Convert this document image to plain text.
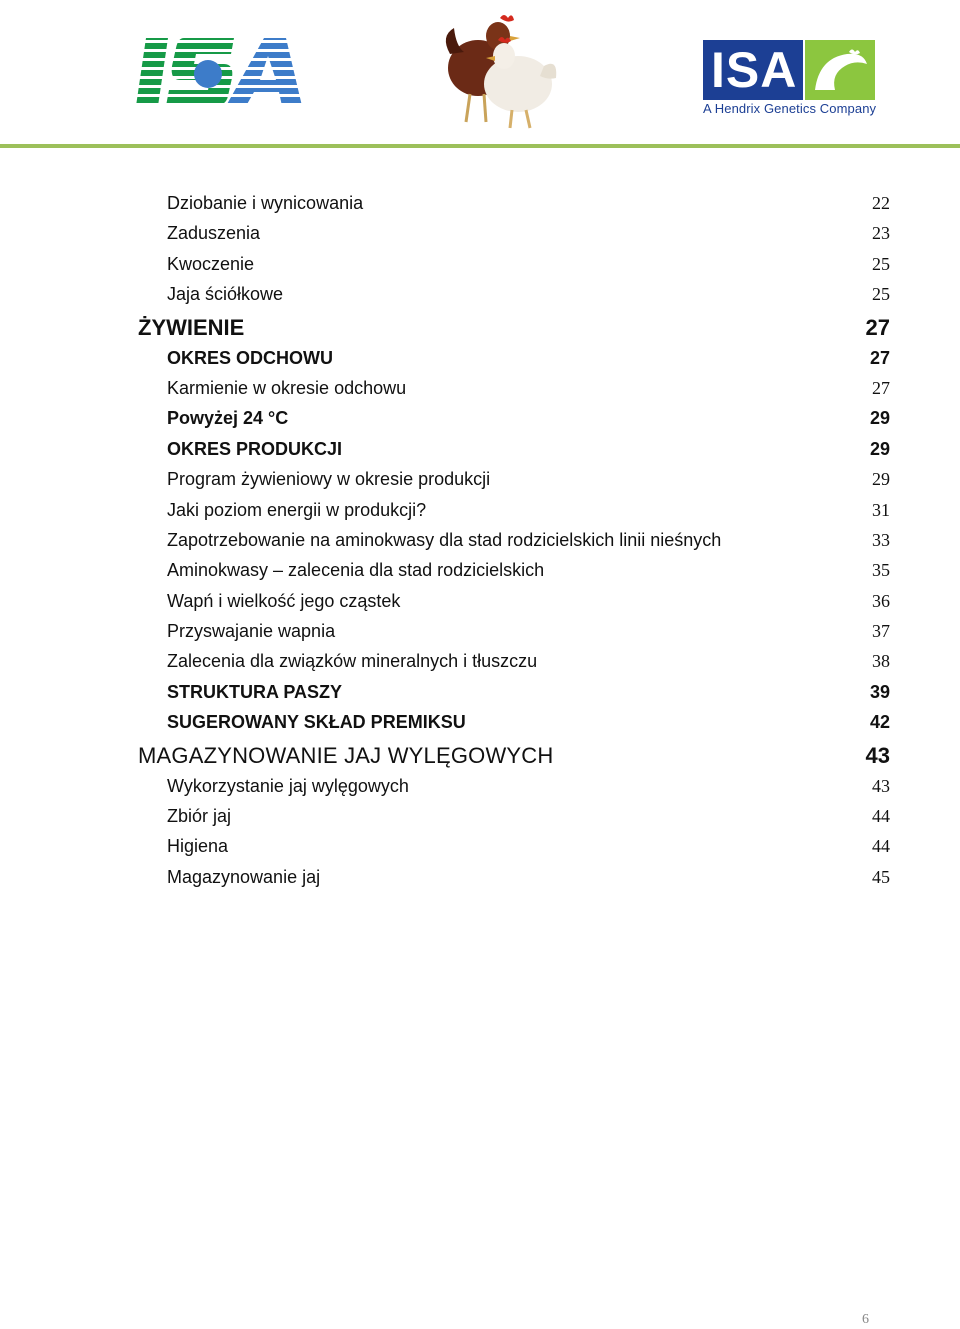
ISA
A Hendrix Genetics Company
Dziobanie i wynicowania	22
Zaduszenia	23
Kwoczenie	25
Jaja ściółkowe	25
ŻYWIENIE	27
OKRES ODCHOWU	27
Karmienie w okresie odchowu	27
Powyżej 24 °C	29
OKRES PRODUKCJI	29
Program żywieniowy w okresie produkcji	29
Jaki poziom energii w produkcji?	31
Zapotrzebowanie na aminokwasy dla stad rodzicielskich linii nieśnych	33
Aminokwasy – zalecenia dla stad rodzicielskich	35
Wapń i wielkość jego cząstek	36
Przyswajanie wapnia	37
Zalecenia dla związków mineralnych i tłuszczu	38
STRUKTURA PASZY	39
SUGEROWANY SKŁAD PREMIKSU	42
MAGAZYNOWANIE JAJ WYLĘGOWYCH	43
Wykorzystanie jaj wylęgowych	43
Zbiór jaj	44
Higiena	44
Magazynowanie jaj	45
6
